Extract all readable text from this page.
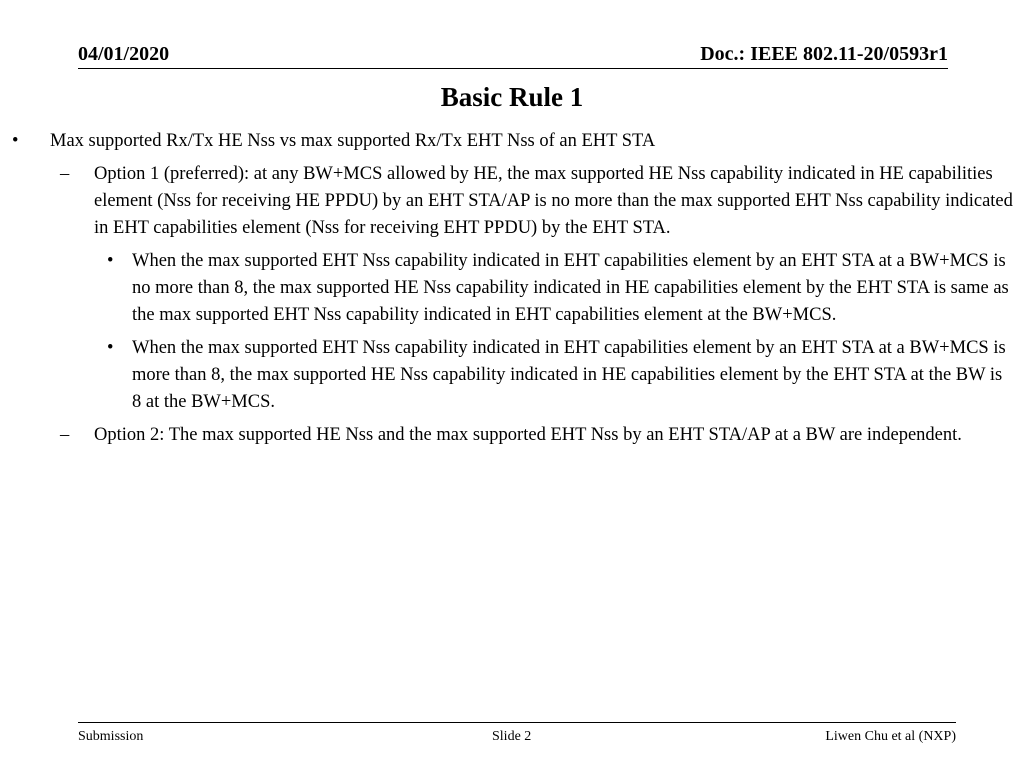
04/01/2020	Doc.: IEEE 802.11-20/0593r1
Basic Rule 1
• Max supported Rx/Tx HE Nss vs max supported Rx/Tx EHT Nss of an EHT STA
– Option 1 (preferred): at any BW+MCS allowed by HE, the max supported HE Nss capability indicated in HE capabilities element (Nss for receiving HE PPDU) by an EHT STA/AP is no more than the max supported EHT Nss capability indicated in EHT capabilities element (Nss for receiving EHT PPDU) by the EHT STA.
• When the max supported EHT Nss capability indicated in EHT capabilities element by an EHT STA at a BW+MCS is no more than 8, the max supported HE Nss capability indicated in HE capabilities element by the EHT STA is same as the max supported EHT Nss capability indicated in EHT capabilities element at the BW+MCS.
• When the max supported EHT Nss capability indicated in EHT capabilities element by an EHT STA at a BW+MCS is more than 8, the max supported HE Nss capability indicated in HE capabilities element by the EHT STA at the BW is 8 at the BW+MCS.
– Option 2: The max supported HE Nss and the max supported EHT Nss by an EHT STA/AP at a BW are independent.
Submission	Slide 2	Liwen Chu et al (NXP)
